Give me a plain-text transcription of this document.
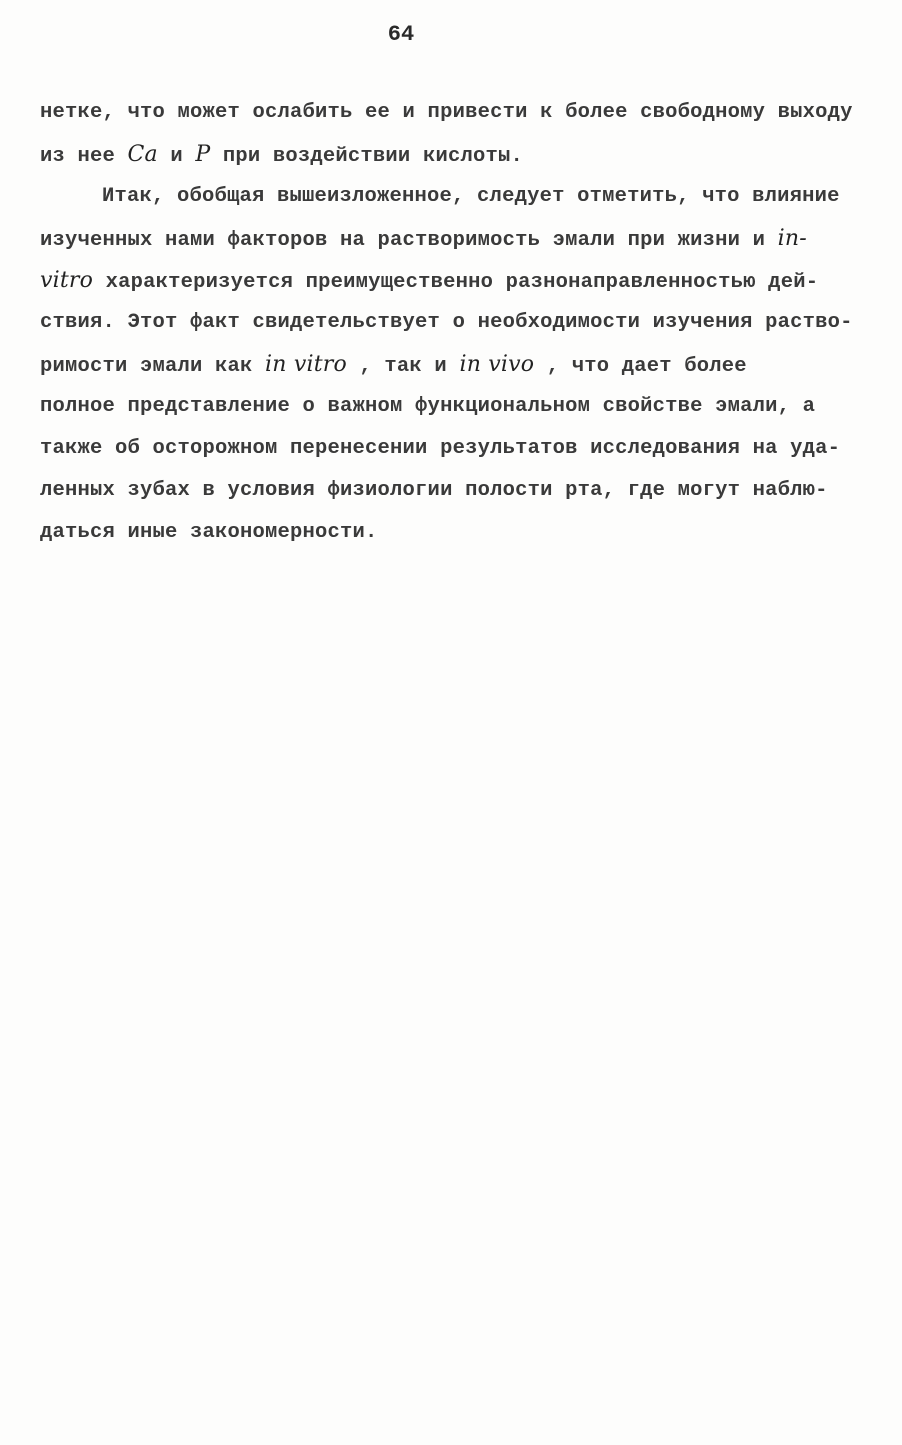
64
нетке, что может ослабить ее и привести к более свободному выходу
из нее Ca и P при воздействии кислоты.
Итак, обобщая вышеизложенное, следует отметить, что влияние
изученных нами факторов на растворимость эмали при жизни и in-
vitro характеризуется преимущественно разнонаправленностью дей-
ствия. Этот факт свидетельствует о необходимости изучения раство-
римости эмали как in vitro , так и in vivo , что дает более
полное представление о важном функциональном свойстве эмали, а
также об осторожном перенесении результатов исследования на уда-
ленных зубах в условия физиологии полости рта, где могут наблю-
даться иные закономерности.
